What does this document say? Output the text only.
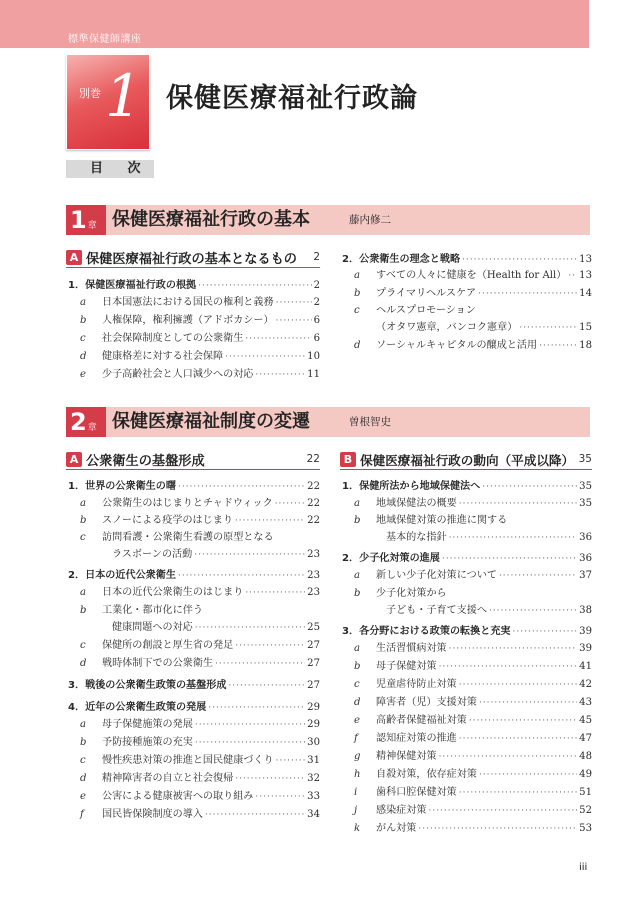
標準保健師講座
別巻 1 保健医療福祉行政論
目 次
1章 保健医療福祉行政の基本	藤内修二
A 保健医療福祉行政の基本となるもの 2
1．保健医療福祉行政の根拠 ·····	2
a	日本国憲法における国民の権利と義務 ·····	2
b	人権保障，権利擁護（アドボカシー） ·····	6
c	社会保障制度としての公衆衛生 ·····	6
d	健康格差に対する社会保障 ·····	10
e	少子高齢社会と人口減少への対応 ·····	11
2．公衆衛生の理念と戦略 ·····	13
a	すべての人々に健康を（Health for All） ····· 13
b	プライマリヘルスケア ·····	14
c ヘルスプロモーション
（オタワ憲章，バンコク憲章） ·····	15
d	ソーシャルキャピタルの醸成と活用 ·····	18
2章 保健医療福祉制度の変遷	曽根智史
A 公衆衛生の基盤形成	22
1．世界の公衆衛生の曙 ·····	22
a	公衆衛生のはじまりとチャドウィック ·····	22
b	スノーによる疫学のはじまり ·····	22
c 訪問看護・公衆衛生看護の原型となる
ラスボーンの活動 ·····	23
2．日本の近代公衆衛生 ·····	23
a	日本の近代公衆衛生のはじまり ·····	23
b 工業化・都市化に伴う
健康問題への対応 ·····	25
c	保健所の創設と厚生省の発足 ·····	27
d	戦時体制下での公衆衛生 ·····	27
3．戦後の公衆衛生政策の基盤形成 ·····	27
4．近年の公衆衛生政策の発展 ·····	29
a	母子保健施策の発展 ·····	29
b	予防接種施策の充実 ·····	30
c	慢性疾患対策の推進と国民健康づくり ·····	31
d	精神障害者の自立と社会復帰 ·····	32
e	公害による健康被害への取り組み ·····	33
f	国民皆保険制度の導入 ·····	34
B 保健医療福祉行政の動向（平成以降） 35
1．保健所法から地域保健法へ ·····	35
a	地域保健法の概要 ·····	35
b 地域保健対策の推進に関する
基本的な指針 ·····	36
2．少子化対策の進展 ·····	36
a	新しい少子化対策について ·····	37
b 少子化対策から
子ども・子育て支援へ ·····	38
3．各分野における政策の転換と充実 ·····	39
a	生活習慣病対策 ·····	39
b	母子保健対策 ·····	41
c	児童虐待防止対策 ·····	42
d	障害者（児）支援対策 ·····	43
e	高齢者保健福祉対策 ·····	45
f	認知症対策の推進 ·····	47
g	精神保健対策 ·····	48
h	自殺対策，依存症対策 ·····	49
i	歯科口腔保健対策 ·····	51
j	感染症対策 ·····	52
k	がん対策 ·····	53
iii
